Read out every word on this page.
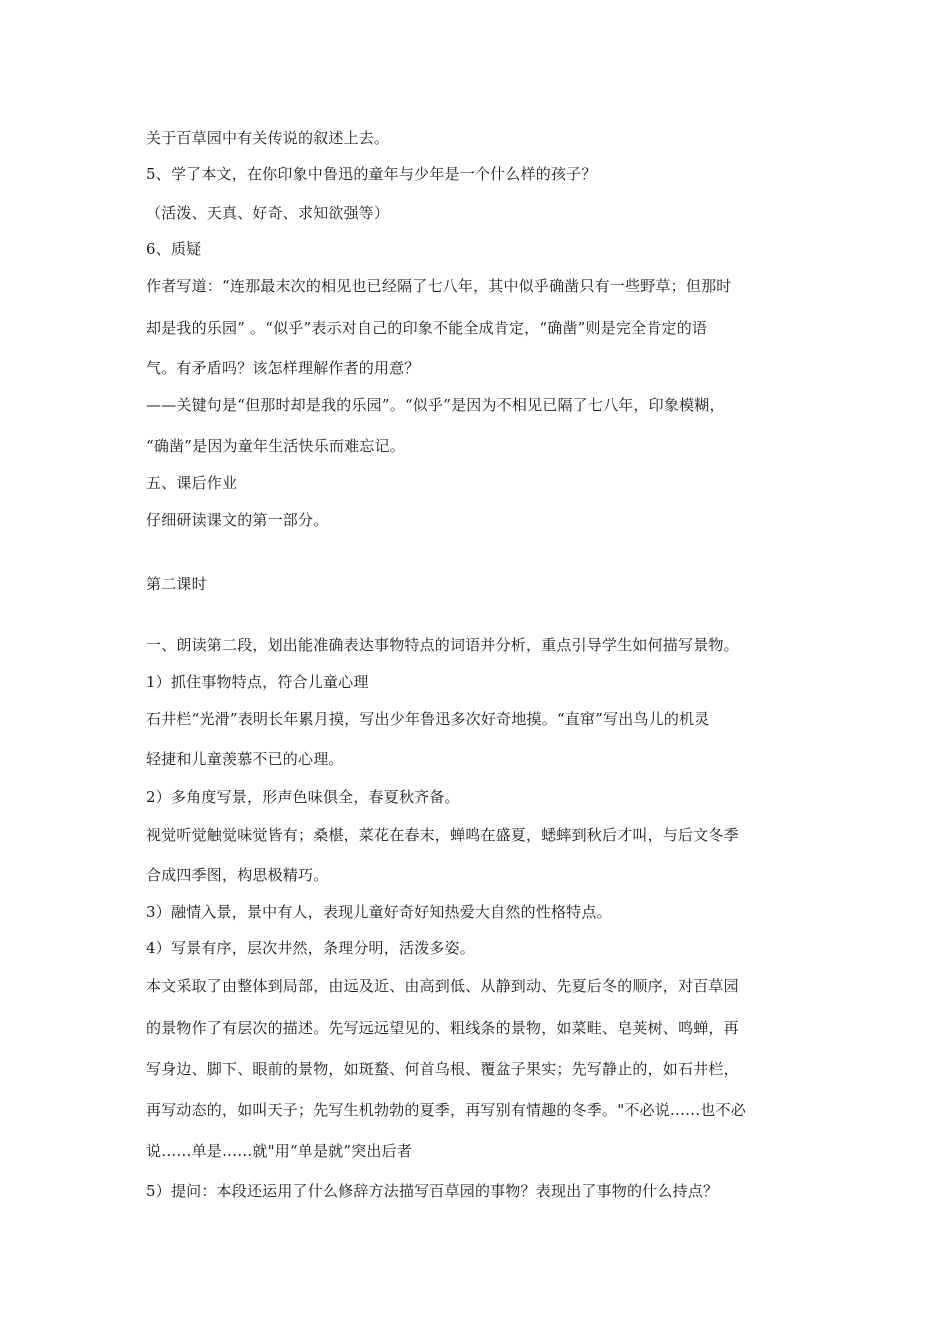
关于百草园中有关传说的叙述上去。
5、学了本文，在你印象中鲁迅的童年与少年是一个什么样的孩子？
（活泼、天真、好奇、求知欲强等）
6、质疑
作者写道：“连那最末次的相见也已经隔了七八年，其中似乎确凿只有一些野草；但那时
却是我的乐园” 。“似乎”表示对自己的印象不能全成肯定，“确凿”则是完全肯定的语
气。有矛盾吗？该怎样理解作者的用意？
——关键句是“但那时却是我的乐园”。“似乎”是因为不相见已隔了七八年，印象模糊，
“确凿”是因为童年生活快乐而难忘记。
五、课后作业
仔细研读课文的第一部分。
第二课时
一、朗读第二段，划出能准确表达事物特点的词语并分析，重点引导学生如何描写景物。
1）抓住事物特点，符合儿童心理
石井栏“光滑”表明长年累月摸，写出少年鲁迅多次好奇地摸。“直窜”写出鸟儿的机灵
轻捷和儿童羡慕不已的心理。
2）多角度写景，形声色味俱全，春夏秋齐备。
视觉听觉触觉味觉皆有；桑椹，菜花在春末，蝉鸣在盛夏，蟋蟀到秋后才叫，与后文冬季
合成四季图，构思极精巧。
3）融情入景，景中有人，表现儿童好奇好知热爱大自然的性格特点。
4）写景有序，层次井然，条理分明，活泼多姿。
本文采取了由整体到局部，由远及近、由高到低、从静到动、先夏后冬的顺序，对百草园
的景物作了有层次的描述。先写远远望见的、粗线条的景物，如菜畦、皂荚树、鸣蝉，再
写身边、脚下、眼前的景物，如斑蝥、何首乌根、覆盆子果实；先写静止的，如石井栏，
再写动态的，如叫天子；先写生机勃勃的夏季，再写别有情趣的冬季。"不必说……也不必
说……单是……就"用“单是就”突出后者
5）提问：本段还运用了什么修辞方法描写百草园的事物？表现出了事物的什么持点？
